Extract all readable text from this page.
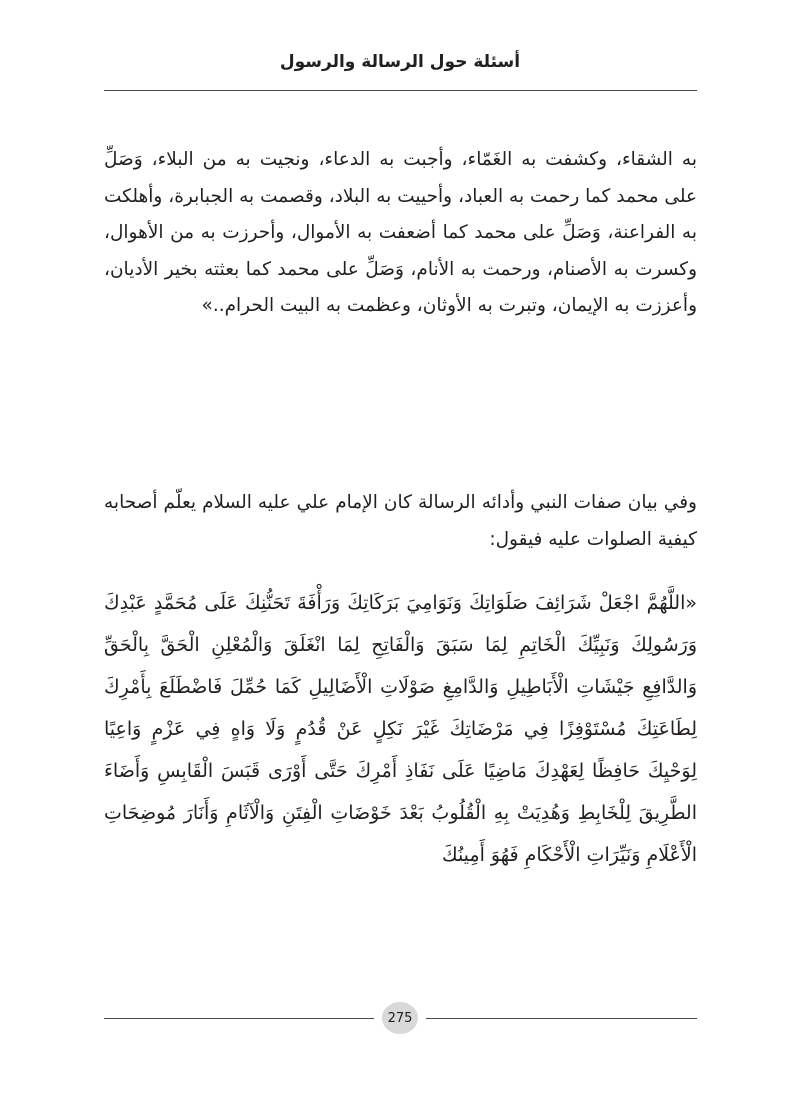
أسئلة حول الرسالة والرسول

به الشقاء، وكشفت به الغَمّاء، وأجبت به الدعاء، ونجيت به من البلاء، وَصَلِّ على محمد كما رحمت به العباد، وأحييت به البلاد، وقصمت به الجبابرة، وأهلكت به الفراعنة، وَصَلِّ على محمد كما أضعفت به الأموال، وأحرزت به من الأهوال، وكسرت به الأصنام، ورحمت به الأنام، وَصَلِّ على محمد كما بعثته بخير الأديان، وأعززت به الإيمان، وتبرت به الأوثان، وعظمت به البيت الحرام..»

وفي بيان صفات النبي وأدائه الرسالة كان الإمام علي عليه السلام يعلّم أصحابه كيفية الصلوات عليه فيقول:

«اللَّهُمَّ اجْعَلْ شَرَائِفَ صَلَوَاتِكَ وَنَوَامِيَ بَرَكَاتِكَ وَرَأْفَةَ تَحَنُّنِكَ عَلَى مُحَمَّدٍ عَبْدِكَ وَرَسُولِكَ وَنَبِيِّكَ الْخَاتِمِ لِمَا سَبَقَ وَالْفَاتِحِ لِمَا انْغَلَقَ وَالْمُعْلِنِ الْحَقَّ بِالْحَقِّ وَالدَّافِعِ جَيْشَاتِ الْأَبَاطِيلِ وَالدَّامِغِ صَوْلَاتِ الْأَضَالِيلِ كَمَا حُمِّلَ فَاضْطَلَعَ بِأَمْرِكَ لِطَاعَتِكَ مُسْتَوْفِزًا فِي مَرْضَاتِكَ غَيْرَ نَكِلٍ عَنْ قُدُمٍ وَلَا وَاهٍ فِي عَزْمٍ وَاعِيًا لِوَحْيِكَ حَافِظًا لِعَهْدِكَ مَاضِيًا عَلَى نَفَاذِ أَمْرِكَ حَتَّى أَوْرَى قَبَسَ الْقَابِسِ وَأَضَاءَ الطَّرِيقَ لِلْخَابِطِ وَهُدِيَتْ بِهِ الْقُلُوبُ بَعْدَ خَوْضَاتِ الْفِتَنِ وَالْآثَامِ وَأَنَارَ مُوضِحَاتِ الْأَعْلَامِ وَنَيِّرَاتِ الْأَحْكَامِ فَهُوَ أَمِينُكَ

275
